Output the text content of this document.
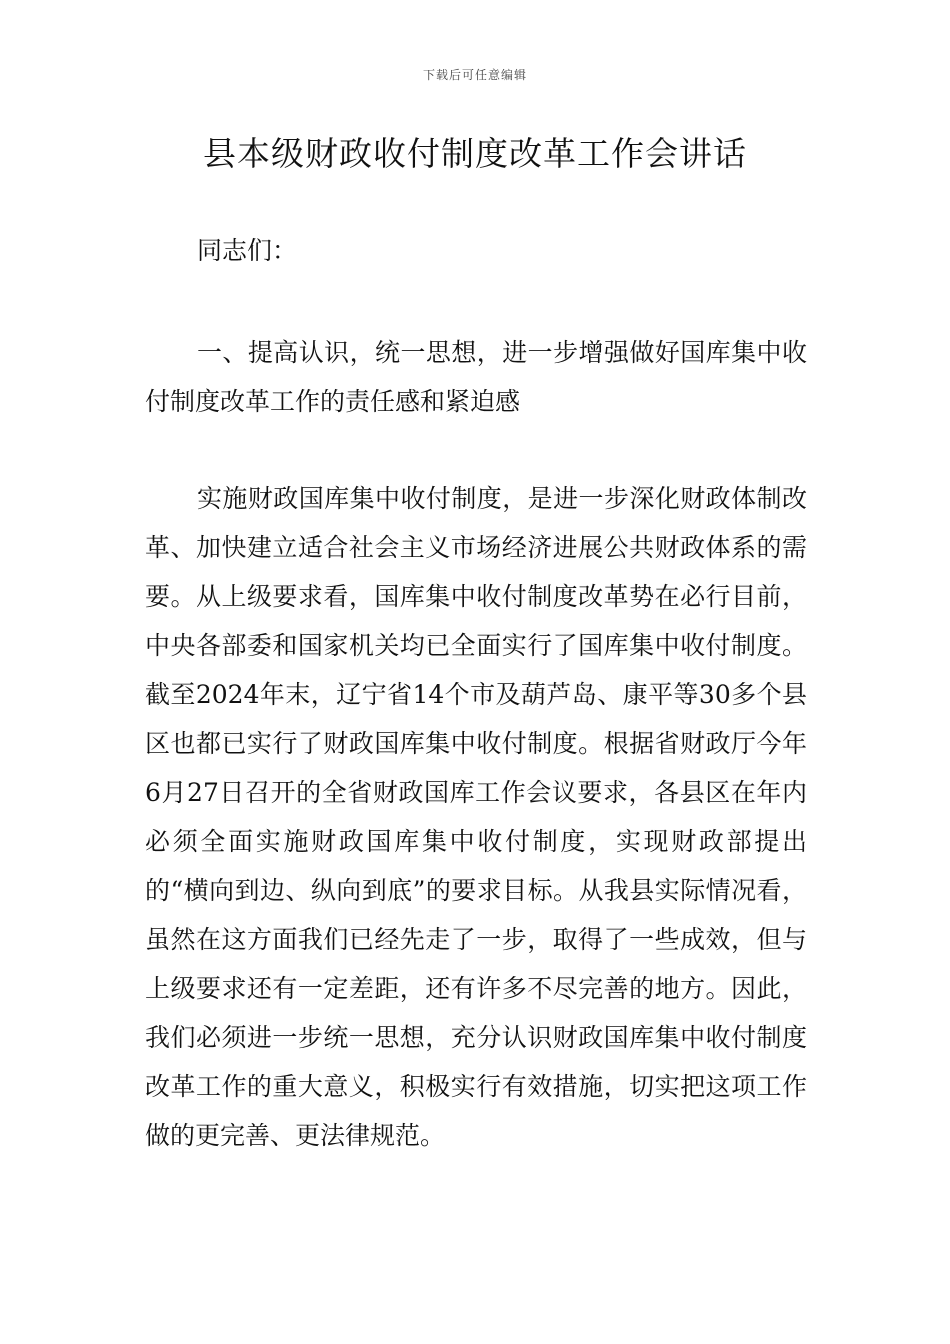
下载后可任意编辑
县本级财政收付制度改革工作会讲话
同志们：
一、提高认识，统一思想，进一步增强做好国库集中收付制度改革工作的责任感和紧迫感
实施财政国库集中收付制度，是进一步深化财政体制改革、加快建立适合社会主义市场经济进展公共财政体系的需要。从上级要求看，国库集中收付制度改革势在必行目前，中央各部委和国家机关均已全面实行了国库集中收付制度。截至2024年末，辽宁省14个市及葫芦岛、康平等30多个县区也都已实行了财政国库集中收付制度。根据省财政厅今年6月27日召开的全省财政国库工作会议要求，各县区在年内必须全面实施财政国库集中收付制度，实现财政部提出的“横向到边、纵向到底”的要求目标。从我县实际情况看，虽然在这方面我们已经先走了一步，取得了一些成效，但与上级要求还有一定差距，还有许多不尽完善的地方。因此，我们必须进一步统一思想，充分认识财政国库集中收付制度改革工作的重大意义，积极实行有效措施，切实把这项工作做的更完善、更法律规范。
